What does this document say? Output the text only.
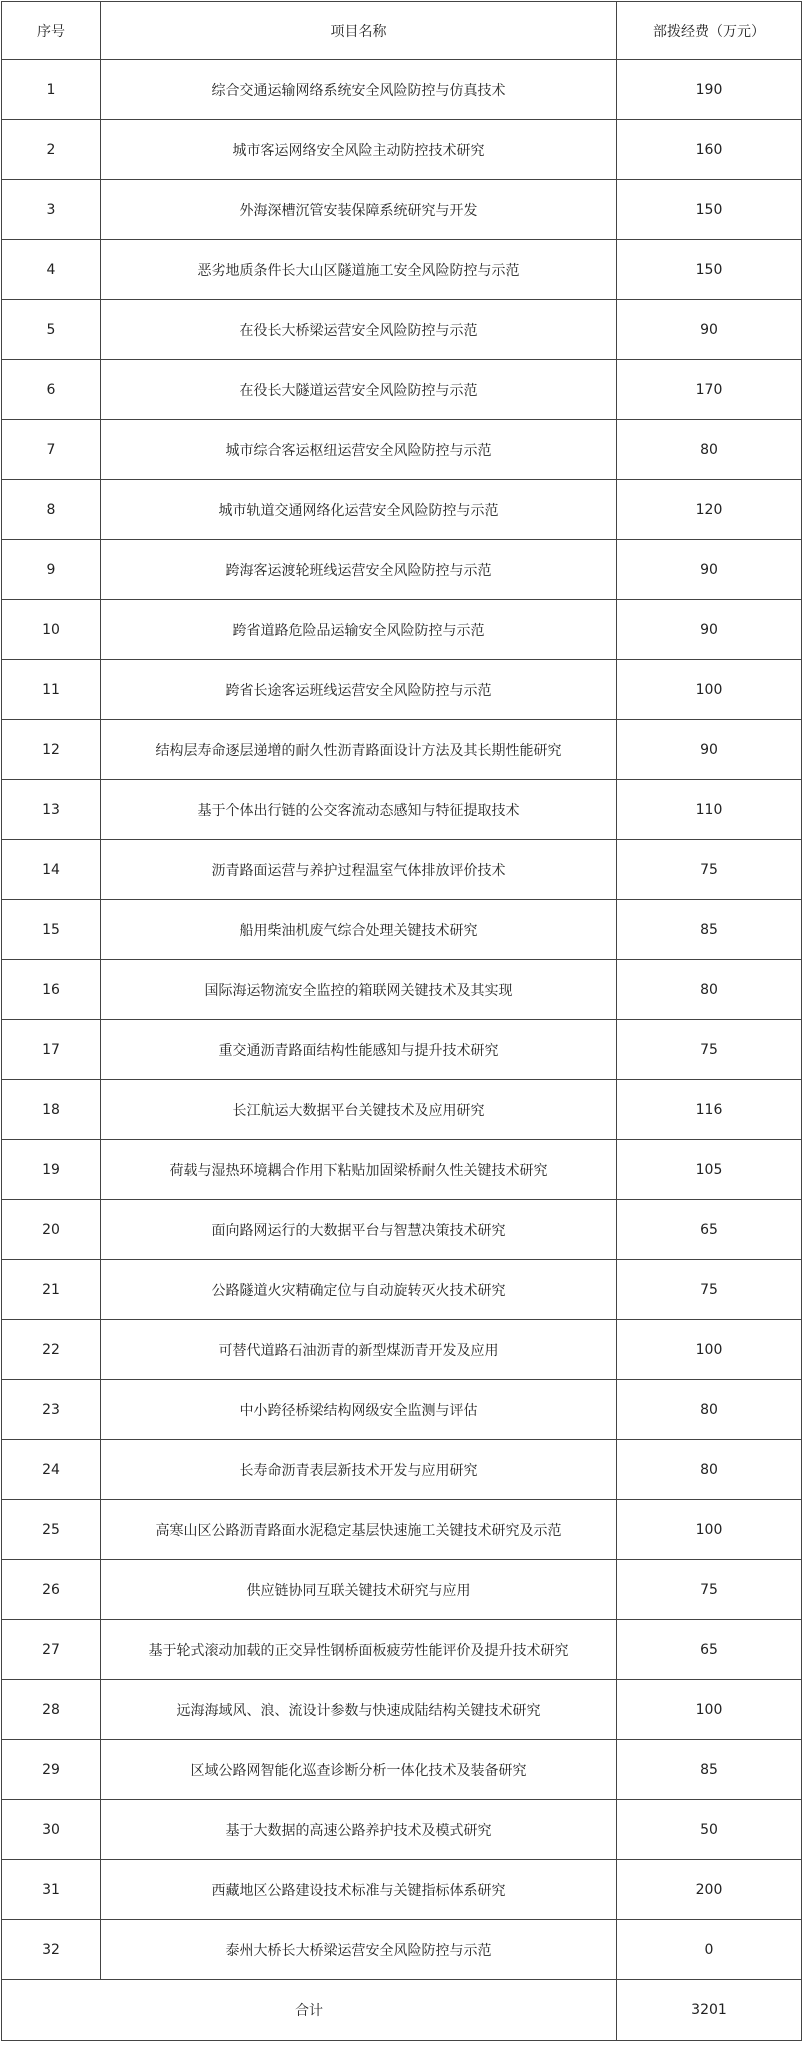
序号	项目名称	部拨经费（万元）
1	综合交通运输网络系统安全风险防控与仿真技术	190
2	城市客运网络安全风险主动防控技术研究	160
3	外海深槽沉管安装保障系统研究与开发	150
4	恶劣地质条件长大山区隧道施工安全风险防控与示范	150
5	在役长大桥梁运营安全风险防控与示范	90
6	在役长大隧道运营安全风险防控与示范	170
7	城市综合客运枢纽运营安全风险防控与示范	80
8	城市轨道交通网络化运营安全风险防控与示范	120
9	跨海客运渡轮班线运营安全风险防控与示范	90
10	跨省道路危险品运输安全风险防控与示范	90
11	跨省长途客运班线运营安全风险防控与示范	100
12	结构层寿命逐层递增的耐久性沥青路面设计方法及其长期性能研究	90
13	基于个体出行链的公交客流动态感知与特征提取技术	110
14	沥青路面运营与养护过程温室气体排放评价技术	75
15	船用柴油机废气综合处理关键技术研究	85
16	国际海运物流安全监控的箱联网关键技术及其实现	80
17	重交通沥青路面结构性能感知与提升技术研究	75
18	长江航运大数据平台关键技术及应用研究	116
19	荷载与湿热环境耦合作用下粘贴加固梁桥耐久性关键技术研究	105
20	面向路网运行的大数据平台与智慧决策技术研究	65
21	公路隧道火灾精确定位与自动旋转灭火技术研究	75
22	可替代道路石油沥青的新型煤沥青开发及应用	100
23	中小跨径桥梁结构网级安全监测与评估	80
24	长寿命沥青表层新技术开发与应用研究	80
25	高寒山区公路沥青路面水泥稳定基层快速施工关键技术研究及示范	100
26	供应链协同互联关键技术研究与应用	75
27	基于轮式滚动加载的正交异性钢桥面板疲劳性能评价及提升技术研究	65
28	远海海域风、浪、流设计参数与快速成陆结构关键技术研究	100
29	区域公路网智能化巡查诊断分析一体化技术及装备研究	85
30	基于大数据的高速公路养护技术及模式研究	50
31	西藏地区公路建设技术标准与关键指标体系研究	200
32	泰州大桥长大桥梁运营安全风险防控与示范	0
合计		3201
